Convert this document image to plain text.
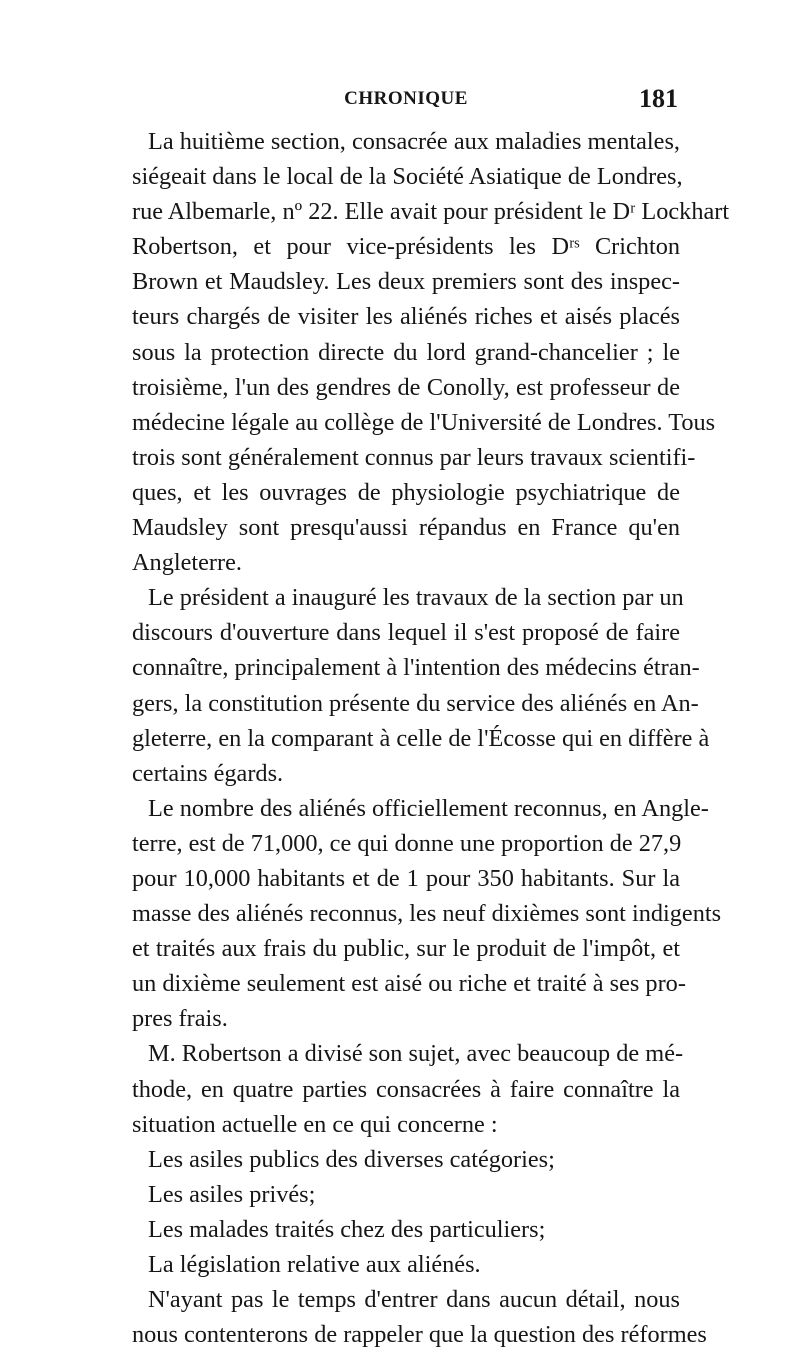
CHRONIQUE	181
La huitième section, consacrée aux maladies mentales,
siégeait dans le local de la Société Asiatique de Londres,
rue Albemarle, nº 22. Elle avait pour président le Dʳ Lockhart
Robertson, et pour vice-présidents les Dʳˢ Crichton
Brown et Maudsley. Les deux premiers sont des inspec-
teurs chargés de visiter les aliénés riches et aisés placés
sous la protection directe du lord grand-chancelier ; le
troisième, l'un des gendres de Conolly, est professeur de
médecine légale au collège de l'Université de Londres. Tous
trois sont généralement connus par leurs travaux scientifi-
ques, et les ouvrages de physiologie psychiatrique de
Maudsley sont presqu'aussi répandus en France qu'en
Angleterre.
Le président a inauguré les travaux de la section par un
discours d'ouverture dans lequel il s'est proposé de faire
connaître, principalement à l'intention des médecins étran-
gers, la constitution présente du service des aliénés en An-
gleterre, en la comparant à celle de l'Écosse qui en diffère à
certains égards.
Le nombre des aliénés officiellement reconnus, en Angle-
terre, est de 71,000, ce qui donne une proportion de 27,9
pour 10,000 habitants et de 1 pour 350 habitants. Sur la
masse des aliénés reconnus, les neuf dixièmes sont indigents
et traités aux frais du public, sur le produit de l'impôt, et
un dixième seulement est aisé ou riche et traité à ses pro-
pres frais.
M. Robertson a divisé son sujet, avec beaucoup de mé-
thode, en quatre parties consacrées à faire connaître la
situation actuelle en ce qui concerne :
Les asiles publics des diverses catégories;
Les asiles privés;
Les malades traités chez des particuliers;
La législation relative aux aliénés.
N'ayant pas le temps d'entrer dans aucun détail, nous
nous contenterons de rappeler que la question des réformes
